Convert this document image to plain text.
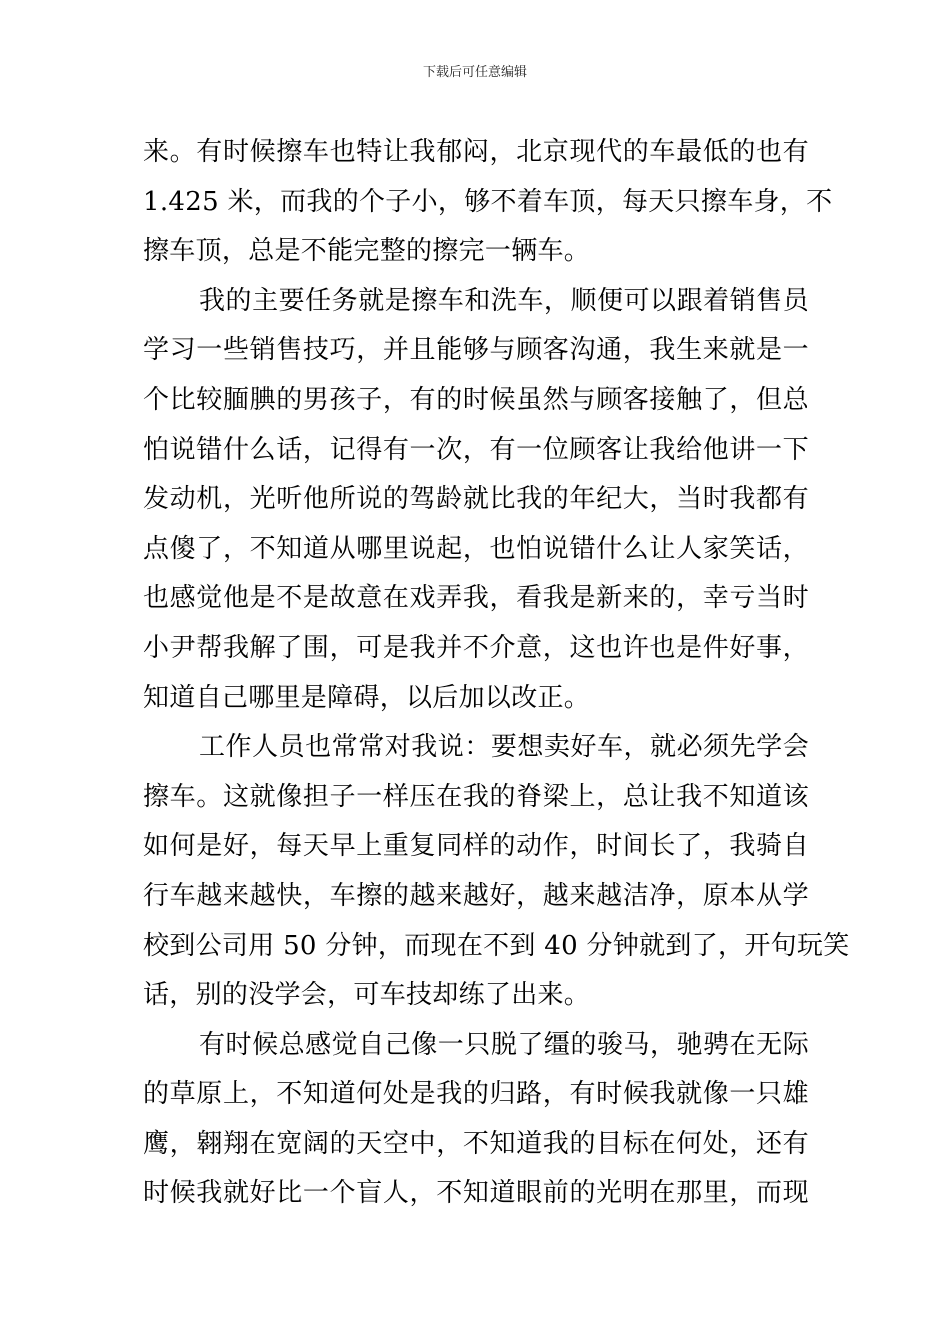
下载后可任意编辑
来。有时候擦车也特让我郁闷，北京现代的车最低的也有
1.425 米，而我的个子小，够不着车顶，每天只擦车身，不
擦车顶，总是不能完整的擦完一辆车。
我的主要任务就是擦车和洗车，顺便可以跟着销售员
学习一些销售技巧，并且能够与顾客沟通，我生来就是一
个比较腼腆的男孩子，有的时候虽然与顾客接触了，但总
怕说错什么话，记得有一次，有一位顾客让我给他讲一下
发动机，光听他所说的驾龄就比我的年纪大，当时我都有
点傻了，不知道从哪里说起，也怕说错什么让人家笑话，
也感觉他是不是故意在戏弄我，看我是新来的，幸亏当时
小尹帮我解了围，可是我并不介意，这也许也是件好事，
知道自己哪里是障碍，以后加以改正。
工作人员也常常对我说：要想卖好车，就必须先学会
擦车。这就像担子一样压在我的脊梁上，总让我不知道该
如何是好，每天早上重复同样的动作，时间长了，我骑自
行车越来越快，车擦的越来越好，越来越洁净，原本从学
校到公司用 50 分钟，而现在不到 40 分钟就到了，开句玩笑
话，别的没学会，可车技却练了出来。
有时候总感觉自己像一只脱了缰的骏马，驰骋在无际
的草原上，不知道何处是我的归路，有时候我就像一只雄
鹰，翱翔在宽阔的天空中，不知道我的目标在何处，还有
时候我就好比一个盲人，不知道眼前的光明在那里，而现
